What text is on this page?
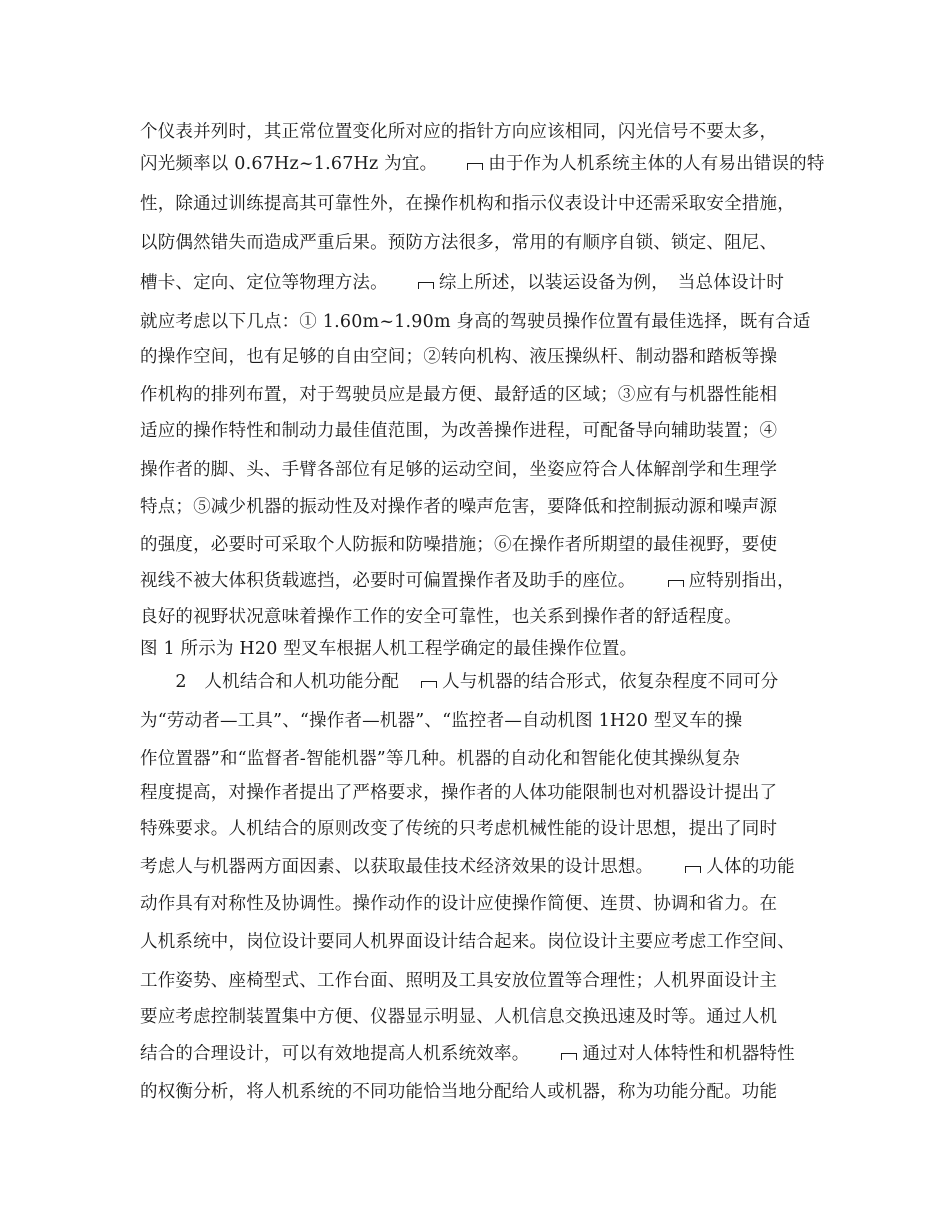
个仪表并列时，其正常位置变化所对应的指针方向应该相同，闪光信号不要太多，
闪光频率以 0.67Hz~1.67Hz 为宜。	由于作为人机系统主体的人有易出错误的特
性，除通过训练提高其可靠性外，在操作机构和指示仪表设计中还需采取安全措施，
以防偶然错失而造成严重后果。预防方法很多，常用的有顺序自锁、锁定、阻尼、
槽卡、定向、定位等物理方法。	综上所述，以装运设备为例，　当总体设计时
就应考虑以下几点：① 1.60m~1.90m 身高的驾驶员操作位置有最佳选择，既有合适
的操作空间，也有足够的自由空间；②转向机构、液压操纵杆、制动器和踏板等操
作机构的排列布置，对于驾驶员应是最方便、最舒适的区域；③应有与机器性能相
适应的操作特性和制动力最佳值范围，为改善操作进程，可配备导向辅助装置；④
操作者的脚、头、手臂各部位有足够的运动空间，坐姿应符合人体解剖学和生理学
特点；⑤减少机器的振动性及对操作者的噪声危害，要降低和控制振动源和噪声源
的强度，必要时可采取个人防振和防噪措施；⑥在操作者所期望的最佳视野，要使
视线不被大体积货载遮挡，必要时可偏置操作者及助手的座位。	应特别指出，
良好的视野状况意味着操作工作的安全可靠性，也关系到操作者的舒适程度。
图 1 所示为 H20 型叉车根据人机工程学确定的最佳操作位置。
　　2　人机结合和人机功能分配 人与机器的结合形式，依复杂程度不同可分
为“劳动者—工具”、“操作者—机器”、“监控者—自动机图 1H20 型叉车的操
作位置器”和“监督者-智能机器”等几种。机器的自动化和智能化使其操纵复杂
程度提高，对操作者提出了严格要求，操作者的人体功能限制也对机器设计提出了
特殊要求。人机结合的原则改变了传统的只考虑机械性能的设计思想，提出了同时
考虑人与机器两方面因素、以获取最佳技术经济效果的设计思想。	人体的功能
动作具有对称性及协调性。操作动作的设计应使操作简便、连贯、协调和省力。在
人机系统中，岗位设计要同人机界面设计结合起来。岗位设计主要应考虑工作空间、
工作姿势、座椅型式、工作台面、照明及工具安放位置等合理性；人机界面设计主
要应考虑控制装置集中方便、仪器显示明显、人机信息交换迅速及时等。通过人机
结合的合理设计，可以有效地提高人机系统效率。	通过对人体特性和机器特性
的权衡分析，将人机系统的不同功能恰当地分配给人或机器，称为功能分配。功能
